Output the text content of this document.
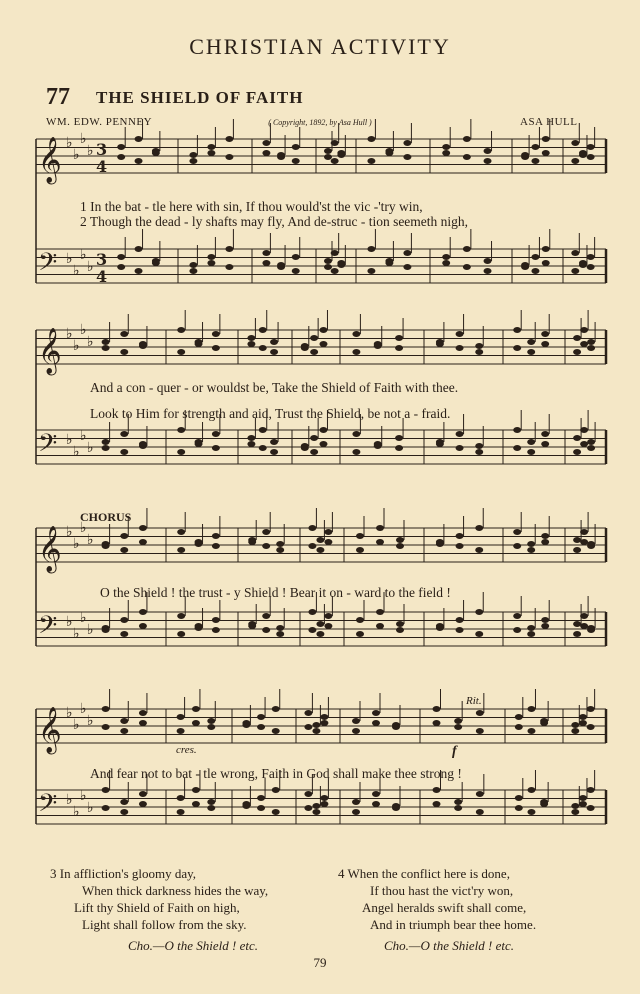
𝄞 ♭
♭
♭
♭ 3
4
𝄢 ♭
♭
♭
♭ 3
4
𝄞 ♭
♭
♭
♭
𝄢 ♭
♭
♭
♭
𝄞 ♭
♭
♭
♭
𝄢 ♭
♭
♭
♭
𝄞 ♭
♭
♭
♭
𝄢 ♭
♭
♭
♭
CHRISTIAN ACTIVITY
77 THE SHIELD OF FAITH
WM. EDW. PENNEY	( Copyright, 1892, by Asa Hull )	ASA HULL
1 In the bat - tle here with sin, If thou would'st the vic -'try win,
2 Though the dead - ly shafts may fly, And de-struc - tion seemeth nigh,
And a con - quer - or wouldst be, Take the Shield of Faith with thee.
Look to Him for strength and aid, Trust the Shield, be not a - fraid.
CHORUS
O the Shield ! the trust - y Shield ! Bear it on - ward to the field !
And fear not to bat - tle wrong, Faith in God shall make thee strong !
cres.
Rit.
f
3 In affliction's gloomy day,
When thick darkness hides the way,
Lift thy Shield of Faith on high,
Light shall follow from the sky.
Cho.—O the Shield ! etc.
4 When the conflict here is done,
If thou hast the vict'ry won,
Angel heralds swift shall come,
And in triumph bear thee home.
Cho.—O the Shield ! etc.
79
